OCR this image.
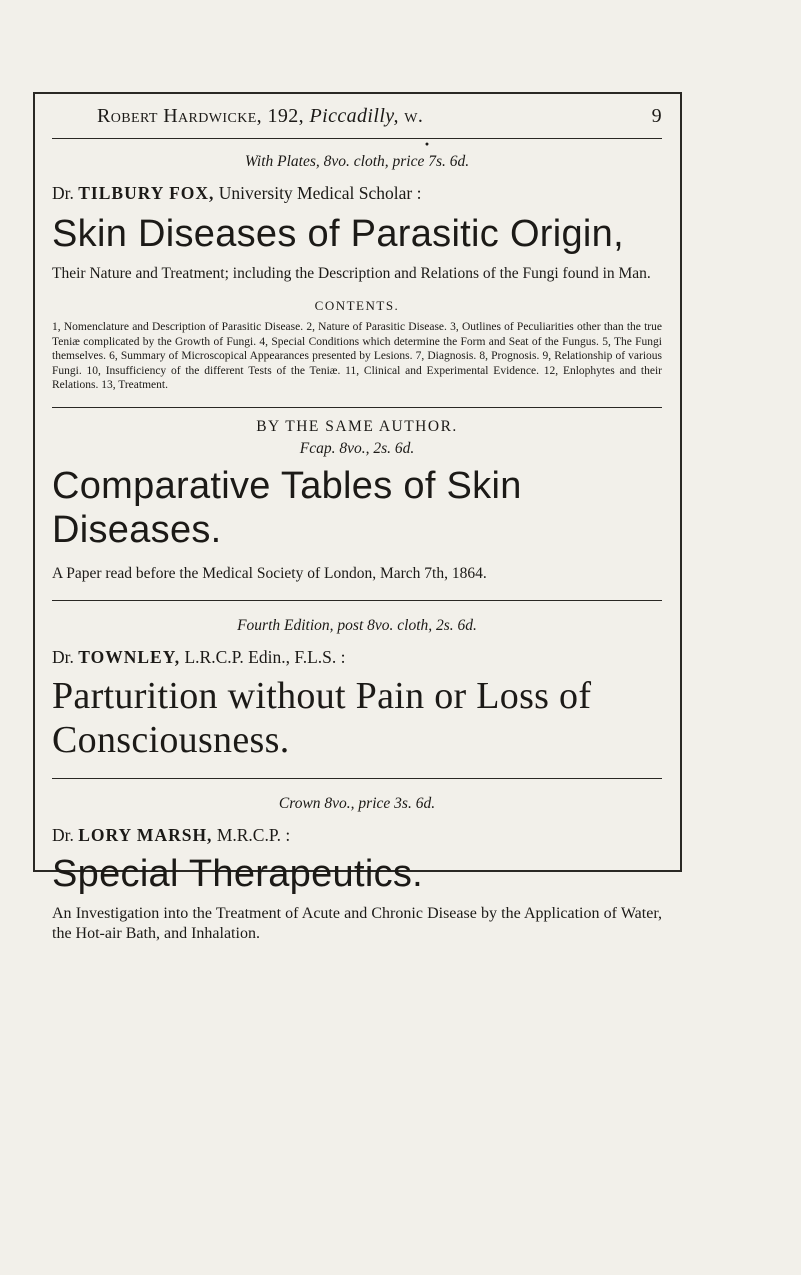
Robert Hardwicke, 192, Piccadilly, w.	9
●
With Plates, 8vo. cloth, price 7s. 6d.
Dr. TILBURY FOX, University Medical Scholar :
Skin Diseases of Parasitic Origin,
Their Nature and Treatment; including the Description and Relations of the Fungi found in Man.
CONTENTS.
1, Nomenclature and Description of Parasitic Disease. 2, Nature of Parasitic Disease. 3, Outlines of Peculiarities other than the true Teniæ complicated by the Growth of Fungi. 4, Special Conditions which determine the Form and Seat of the Fungus. 5, The Fungi themselves. 6, Summary of Microscopical Appearances presented by Lesions. 7, Diagnosis. 8, Prognosis. 9, Relationship of various Fungi. 10, Insufficiency of the different Tests of the Teniæ. 11, Clinical and Experimental Evidence. 12, Enlophytes and their Relations. 13, Treatment.
BY THE SAME AUTHOR.
Fcap. 8vo., 2s. 6d.
Comparative Tables of Skin Diseases.
A Paper read before the Medical Society of London, March 7th, 1864.
Fourth Edition, post 8vo. cloth, 2s. 6d.
Dr. TOWNLEY, L.R.C.P. Edin., F.L.S. :
Parturition without Pain or Loss of Consciousness.
Crown 8vo., price 3s. 6d.
Dr. LORY MARSH, M.R.C.P. :
Special Therapeutics.
An Investigation into the Treatment of Acute and Chronic Disease by the Application of Water, the Hot-air Bath, and Inhalation.
